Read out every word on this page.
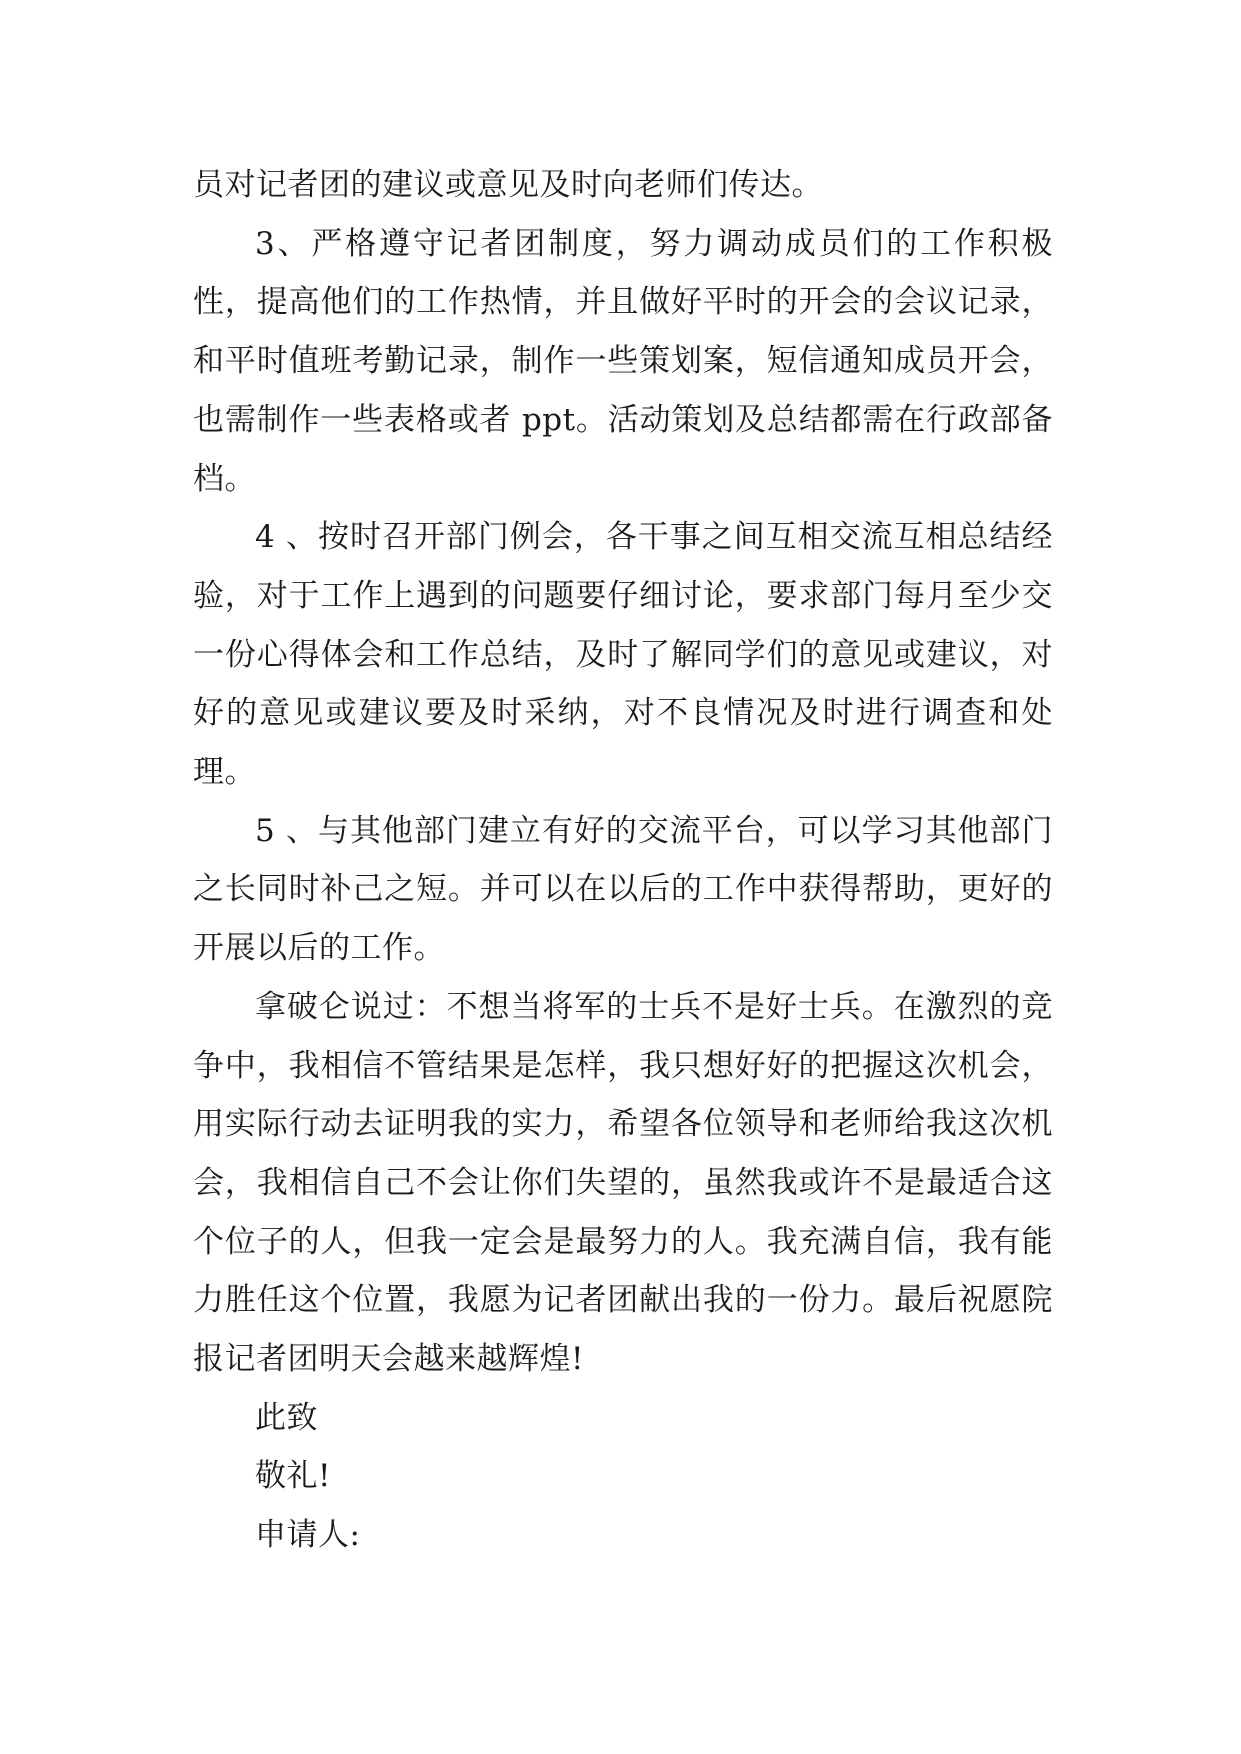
员对记者团的建议或意见及时向老师们传达。

3、严格遵守记者团制度，努力调动成员们的工作积极性，提高他们的工作热情，并且做好平时的开会的会议记录，和平时值班考勤记录，制作一些策划案，短信通知成员开会，也需制作一些表格或者 ppt。活动策划及总结都需在行政部备档。

4 、按时召开部门例会，各干事之间互相交流互相总结经验，对于工作上遇到的问题要仔细讨论，要求部门每月至少交一份心得体会和工作总结，及时了解同学们的意见或建议，对好的意见或建议要及时采纳，对不良情况及时进行调查和处理。

5 、与其他部门建立有好的交流平台，可以学习其他部门之长同时补己之短。并可以在以后的工作中获得帮助，更好的开展以后的工作。

拿破仑说过：不想当将军的士兵不是好士兵。在激烈的竞争中，我相信不管结果是怎样，我只想好好的把握这次机会，用实际行动去证明我的实力，希望各位领导和老师给我这次机会，我相信自己不会让你们失望的，虽然我或许不是最适合这个位子的人，但我一定会是最努力的人。我充满自信，我有能力胜任这个位置，我愿为记者团献出我的一份力。最后祝愿院报记者团明天会越来越辉煌!

此致

敬礼!

申请人:
